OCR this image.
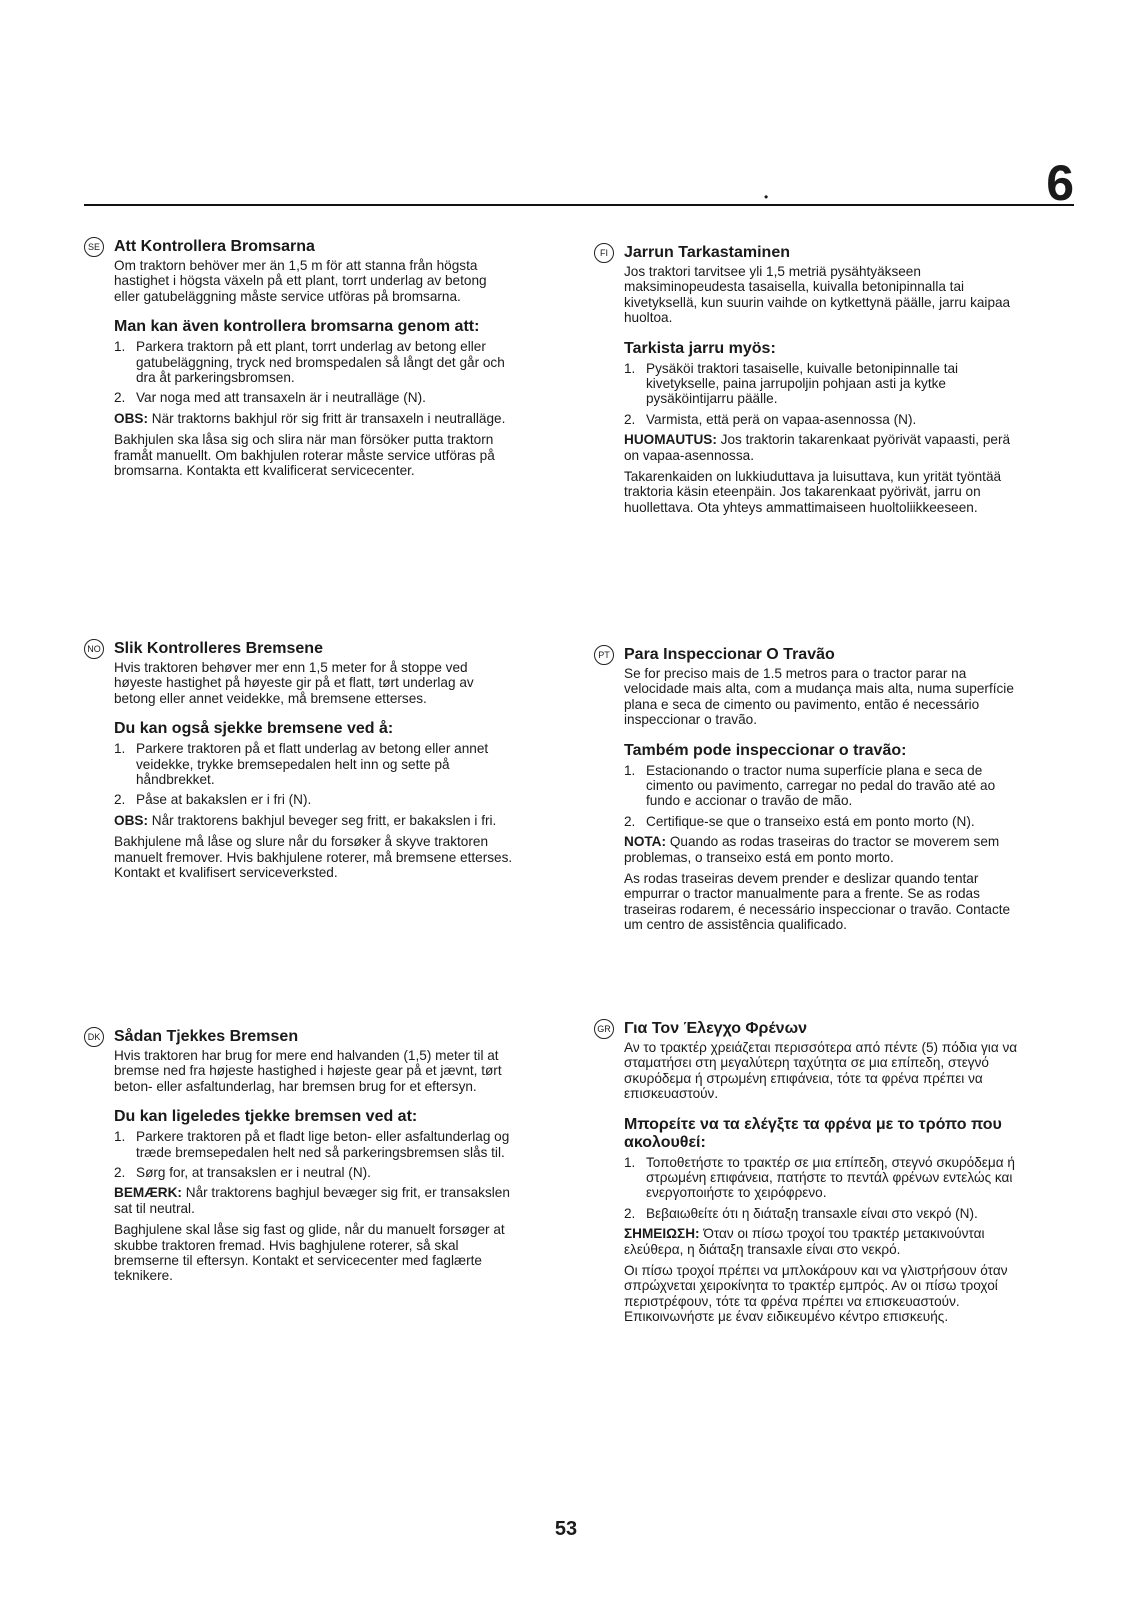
6
•
SE Att Kontrollera Bromsarna

Om traktorn behöver mer än 1,5 m för att stanna från högsta hastighet i högsta växeln på ett plant, torrt underlag av betong eller gatubeläggning måste service utföras på bromsarna.

Man kan även kontrollera bromsarna genom att:
1. Parkera traktorn på ett plant, torrt underlag av betong eller gatubeläggning, tryck ned bromspedalen så långt det går och dra åt parkeringsbromsen.
2. Var noga med att transaxeln är i neutralläge (N).

OBS: När traktorns bakhjul rör sig fritt är transaxeln i neutralläge.

Bakhjulen ska låsa sig och slira när man försöker putta traktorn framåt manuellt. Om bakhjulen roterar måste service utföras på bromsarna. Kontakta ett kvalificerat servicecenter.

FI	Jarrun Tarkastaminen

Jos traktori tarvitsee yli 1,5 metriä pysähtyäkseen maksiminopeudesta tasaisella, kuivalla betonipinnalla tai kivetyksellä, kun suurin vaihde on kytkettynä päälle, jarru kaipaa huoltoa.

Tarkista jarru myös:
1. Pysäköi traktori tasaiselle, kuivalle betonipinnalle tai kivetykselle, paina jarrupoljin pohjaan asti ja kytke pysäköintijarru päälle.
2. Varmista, että perä on vapaa-asennossa (N).

HUOMAUTUS: Jos traktorin takarenkaat pyörivät vapaasti, perä on vapaa-asennossa.

Takarenkaiden on lukkiuduttava ja luisuttava, kun yrität työntää traktoria käsin eteenpäin. Jos takarenkaat pyörivät, jarru on huollettava. Ota yhteys ammattimaiseen huoltoliikkeeseen.

NO Slik Kontrolleres Bremsene

Hvis traktoren behøver mer enn 1,5 meter for å stoppe ved høyeste hastighet på høyeste gir på et flatt, tørt underlag av betong eller annet veidekke, må bremsene etterses.

Du kan også sjekke bremsene ved å:
1. Parkere traktoren på et flatt underlag av betong eller annet veidekke, trykke bremsepedalen helt inn og sette på håndbrekket.
2. Påse at bakakslen er i fri (N).

OBS: Når traktorens bakhjul beveger seg fritt, er bakakslen i fri.

Bakhjulene må låse og slure når du forsøker å skyve traktoren manuelt fremover. Hvis bakhjulene roterer, må bremsene etterses. Kontakt et kvalifisert serviceverksted.

PT Para Inspeccionar O Travão

Se for preciso mais de 1.5 metros para o tractor parar na velocidade mais alta, com a mudança mais alta, numa superfície plana e seca de cimento ou pavimento, então é necessário inspeccionar o travão.

Também pode inspeccionar o travão:
1. Estacionando o tractor numa superfície plana e seca de cimento ou pavimento, carregar no pedal do travão até ao fundo e accionar o travão de mão.
2. Certifique-se que o transeixo está em ponto morto (N).

NOTA: Quando as rodas traseiras do tractor se moverem sem problemas, o transeixo está em ponto morto.

As rodas traseiras devem prender e deslizar quando tentar empurrar o tractor manualmente para a frente. Se as rodas traseiras rodarem, é necessário inspeccionar o travão. Contacte um centro de assistência qualificado.

DK Sådan Tjekkes Bremsen

Hvis traktoren har brug for mere end halvanden (1,5) meter til at bremse ned fra højeste hastighed i højeste gear på et jævnt, tørt beton- eller asfaltunderlag, har bremsen brug for et eftersyn.

Du kan ligeledes tjekke bremsen ved at:
1. Parkere traktoren på et fladt lige beton- eller asfaltunderlag og træde bremsepedalen helt ned så parkeringsbremsen slås til.
2. Sørg for, at transakslen er i neutral (N).

BEMÆRK: Når traktorens baghjul bevæger sig frit, er transakslen sat til neutral.

Baghjulene skal låse sig fast og glide, når du manuelt forsøger at skubbe traktoren fremad. Hvis baghjulene roterer, så skal bremserne til eftersyn. Kontakt et servicecenter med faglærte teknikere.

GR Για Τον Έλεγχο Φρένων

Αν το τρακτέρ χρειάζεται περισσότερα από πέντε (5) πόδια για να σταματήσει στη μεγαλύτερη ταχύτητα σε μια επίπεδη, στεγνό σκυρόδεμα ή στρωμένη επιφάνεια, τότε τα φρένα πρέπει να επισκευαστούν.

Μπορείτε να τα ελέγξτε τα φρένα με το τρόπο που ακολουθεί:
1. Τοποθετήστε το τρακτέρ σε μια επίπεδη, στεγνό σκυρόδεμα ή στρωμένη επιφάνεια, πατήστε το πεντάλ φρένων εντελώς και ενεργοποιήστε το χειρόφρενο.
2. Βεβαιωθείτε ότι η διάταξη transaxle είναι στο νεκρό (N).

ΣΗΜΕΙΩΣΗ: Όταν οι πίσω τροχοί του τρακτέρ μετακινούνται ελεύθερα, η διάταξη transaxle είναι στο νεκρό.

Οι πίσω τροχοί πρέπει να μπλοκάρουν και να γλιστρήσουν όταν σπρώχνεται χειροκίνητα το τρακτέρ εμπρός. Αν οι πίσω τροχοί περιστρέφουν, τότε τα φρένα πρέπει να επισκευαστούν. Επικοινωνήστε με έναν ειδικευμένο κέντρο επισκευής.

53
